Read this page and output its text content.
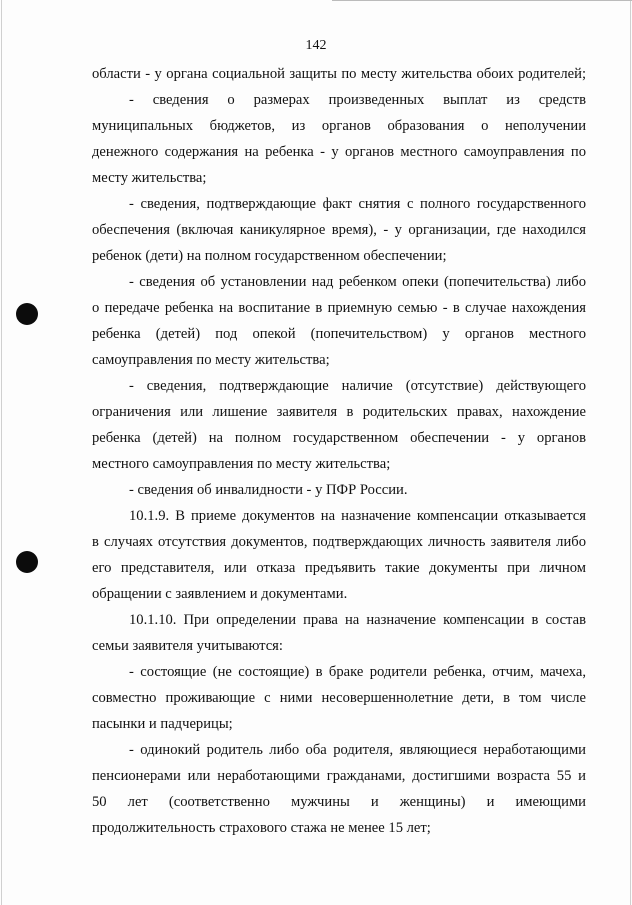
142
области - у органа социальной защиты по месту жительства обоих родителей;
- сведения о размерах произведенных выплат из средств
муниципальных бюджетов, из органов образования о неполучении
денежного содержания на ребенка - у органов местного самоуправления по
месту жительства;
- сведения, подтверждающие факт снятия с полного государственного
обеспечения (включая каникулярное время), - у организации, где находился
ребенок (дети) на полном государственном обеспечении;
- сведения об установлении над ребенком опеки (попечительства) либо
о передаче ребенка на воспитание в приемную семью - в случае нахождения
ребенка (детей) под опекой (попечительством) у органов местного
самоуправления по месту жительства;
- сведения, подтверждающие наличие (отсутствие) действующего
ограничения или лишение заявителя в родительских правах, нахождение
ребенка (детей) на полном государственном обеспечении - у органов
местного самоуправления по месту жительства;
- сведения об инвалидности - у ПФР России.
10.1.9. В приеме документов на назначение компенсации отказывается
в случаях отсутствия документов, подтверждающих личность заявителя либо
его представителя, или отказа предъявить такие документы при личном
обращении с заявлением и документами.
10.1.10. При определении права на назначение компенсации в состав
семьи заявителя учитываются:
- состоящие (не состоящие) в браке родители ребенка, отчим, мачеха,
совместно проживающие с ними несовершеннолетние дети, в том числе
пасынки и падчерицы;
- одинокий родитель либо оба родителя, являющиеся неработающими
пенсионерами или неработающими гражданами, достигшими возраста 55 и
50 лет (соответственно мужчины и женщины) и имеющими
продолжительность страхового стажа не менее 15 лет;
